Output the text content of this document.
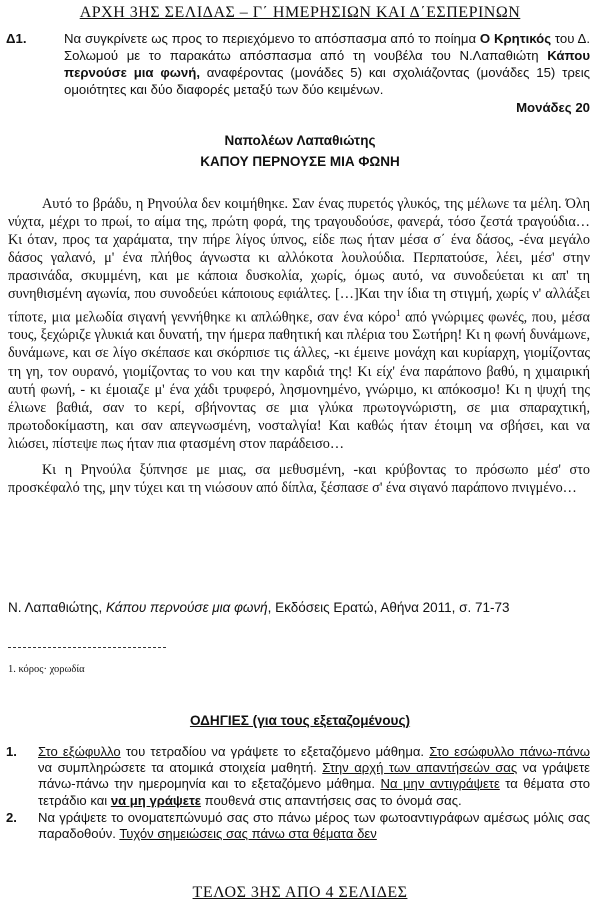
ΑΡΧΗ 3ΗΣ ΣΕΛΙΔΑΣ – Γ΄ ΗΜΕΡΗΣΙΩΝ ΚΑΙ Δ΄ΕΣΠΕΡΙΝΩΝ
Δ1.	Να συγκρίνετε ως προς το περιεχόμενο το απόσπασμα από το ποίημα Ο Κρητικός του Δ. Σολωμού με το παρακάτω απόσπασμα από τη νουβέλα του Ν.Λαπαθιώτη Κάπου περνούσε μια φωνή, αναφέροντας (μονάδες 5) και σχολιάζοντας (μονάδες 15) τρεις ομοιότητες και δύο διαφορές μεταξύ των δύο κειμένων.
Μονάδες 20
Ναπολέων Λαπαθιώτης
ΚΑΠΟΥ ΠΕΡΝΟΥΣΕ ΜΙΑ ΦΩΝΗ

Αυτό το βράδυ, η Ρηνούλα δεν κοιμήθηκε. Σαν ένας πυρετός γλυκός, της μέλωνε τα μέλη. Όλη νύχτα, μέχρι το πρωί, το αίμα της, πρώτη φορά, της τραγουδούσε, φανερά, τόσο ζεστά τραγούδια…Κι όταν, προς τα χαράματα, την πήρε λίγος ύπνος, είδε πως ήταν μέσα σ΄ ένα δάσος, -ένα μεγάλο δάσος γαλανό, μ' ένα πλήθος άγνωστα κι αλλόκοτα λουλούδια. Περπατούσε, λέει, μέσ' στην πρασινάδα, σκυμμένη, και με κάποια δυσκολία, χωρίς, όμως αυτό, να συνοδεύεται κι απ' τη συνηθισμένη αγωνία, που συνοδεύει κάποιους εφιάλτες. […]Και την ίδια τη στιγμή, χωρίς ν' αλλάξει τίποτε, μια μελωδία σιγανή γεννήθηκε κι απλώθηκε, σαν ένα κόρο$^1$ από γνώριμες φωνές, που, μέσα τους, ξεχώριζε γλυκιά και δυνατή, την ήμερα παθητική και πλέρια του Σωτήρη! Κι η φωνή δυνάμωνε, δυνάμωνε, και σε λίγο σκέπασε και σκόρπισε τις άλλες, -κι έμεινε μονάχη και κυρίαρχη, γιομίζοντας τη γη, τον ουρανό, γιομίζοντας το νου και την καρδιά της! Κι είχ' ένα παράπονο βαθύ, η χιμαιρική αυτή φωνή, - κι έμοιαζε μ' ένα χάδι τρυφερό, λησμονημένο, γνώριμο, κι απόκοσμο! Κι η ψυχή της έλιωνε βαθιά, σαν το κερί, σβήνοντας σε μια γλύκα πρωτογνώριστη, σε μια σπαραχτική, πρωτοδοκίμαστη, και σαν απεγνωσμένη, νοσταλγία! Και καθώς ήταν έτοιμη να σβήσει, και να λιώσει, πίστεψε πως ήταν πια φτασμένη στον παράδεισο…

Κι η Ρηνούλα ξύπνησε με μιας, σα μεθυσμένη, -και κρύβοντας το πρόσωπο μέσ' στο προσκέφαλό της, μην τύχει και τη νιώσουν από δίπλα, ξέσπασε σ' ένα σιγανό παράπονο πνιγμένο…

Ν. Λαπαθιώτης, Κάπου περνούσε μια φωνή, Εκδόσεις Ερατώ, Αθήνα 2011, σ. 71-73
1. κόρος· χορωδία
ΟΔΗΓΙΕΣ (για τους εξεταζομένους)
1. Στο εξώφυλλο του τετραδίου να γράψετε το εξεταζόμενο μάθημα. Στο εσώφυλλο πάνω-πάνω να συμπληρώσετε τα ατομικά στοιχεία μαθητή. Στην αρχή των απαντήσεών σας να γράψετε πάνω-πάνω την ημερομηνία και το εξεταζόμενο μάθημα. Να μην αντιγράψετε τα θέματα στο τετράδιο και να μη γράψετε πουθενά στις απαντήσεις σας το όνομά σας.
2. Να γράψετε το ονοματεπώνυμό σας στο πάνω μέρος των φωτοαντιγράφων αμέσως μόλις σας παραδοθούν. Τυχόν σημειώσεις σας πάνω στα θέματα δεν
ΤΕΛΟΣ 3ΗΣ ΑΠΟ 4 ΣΕΛΙΔΕΣ
